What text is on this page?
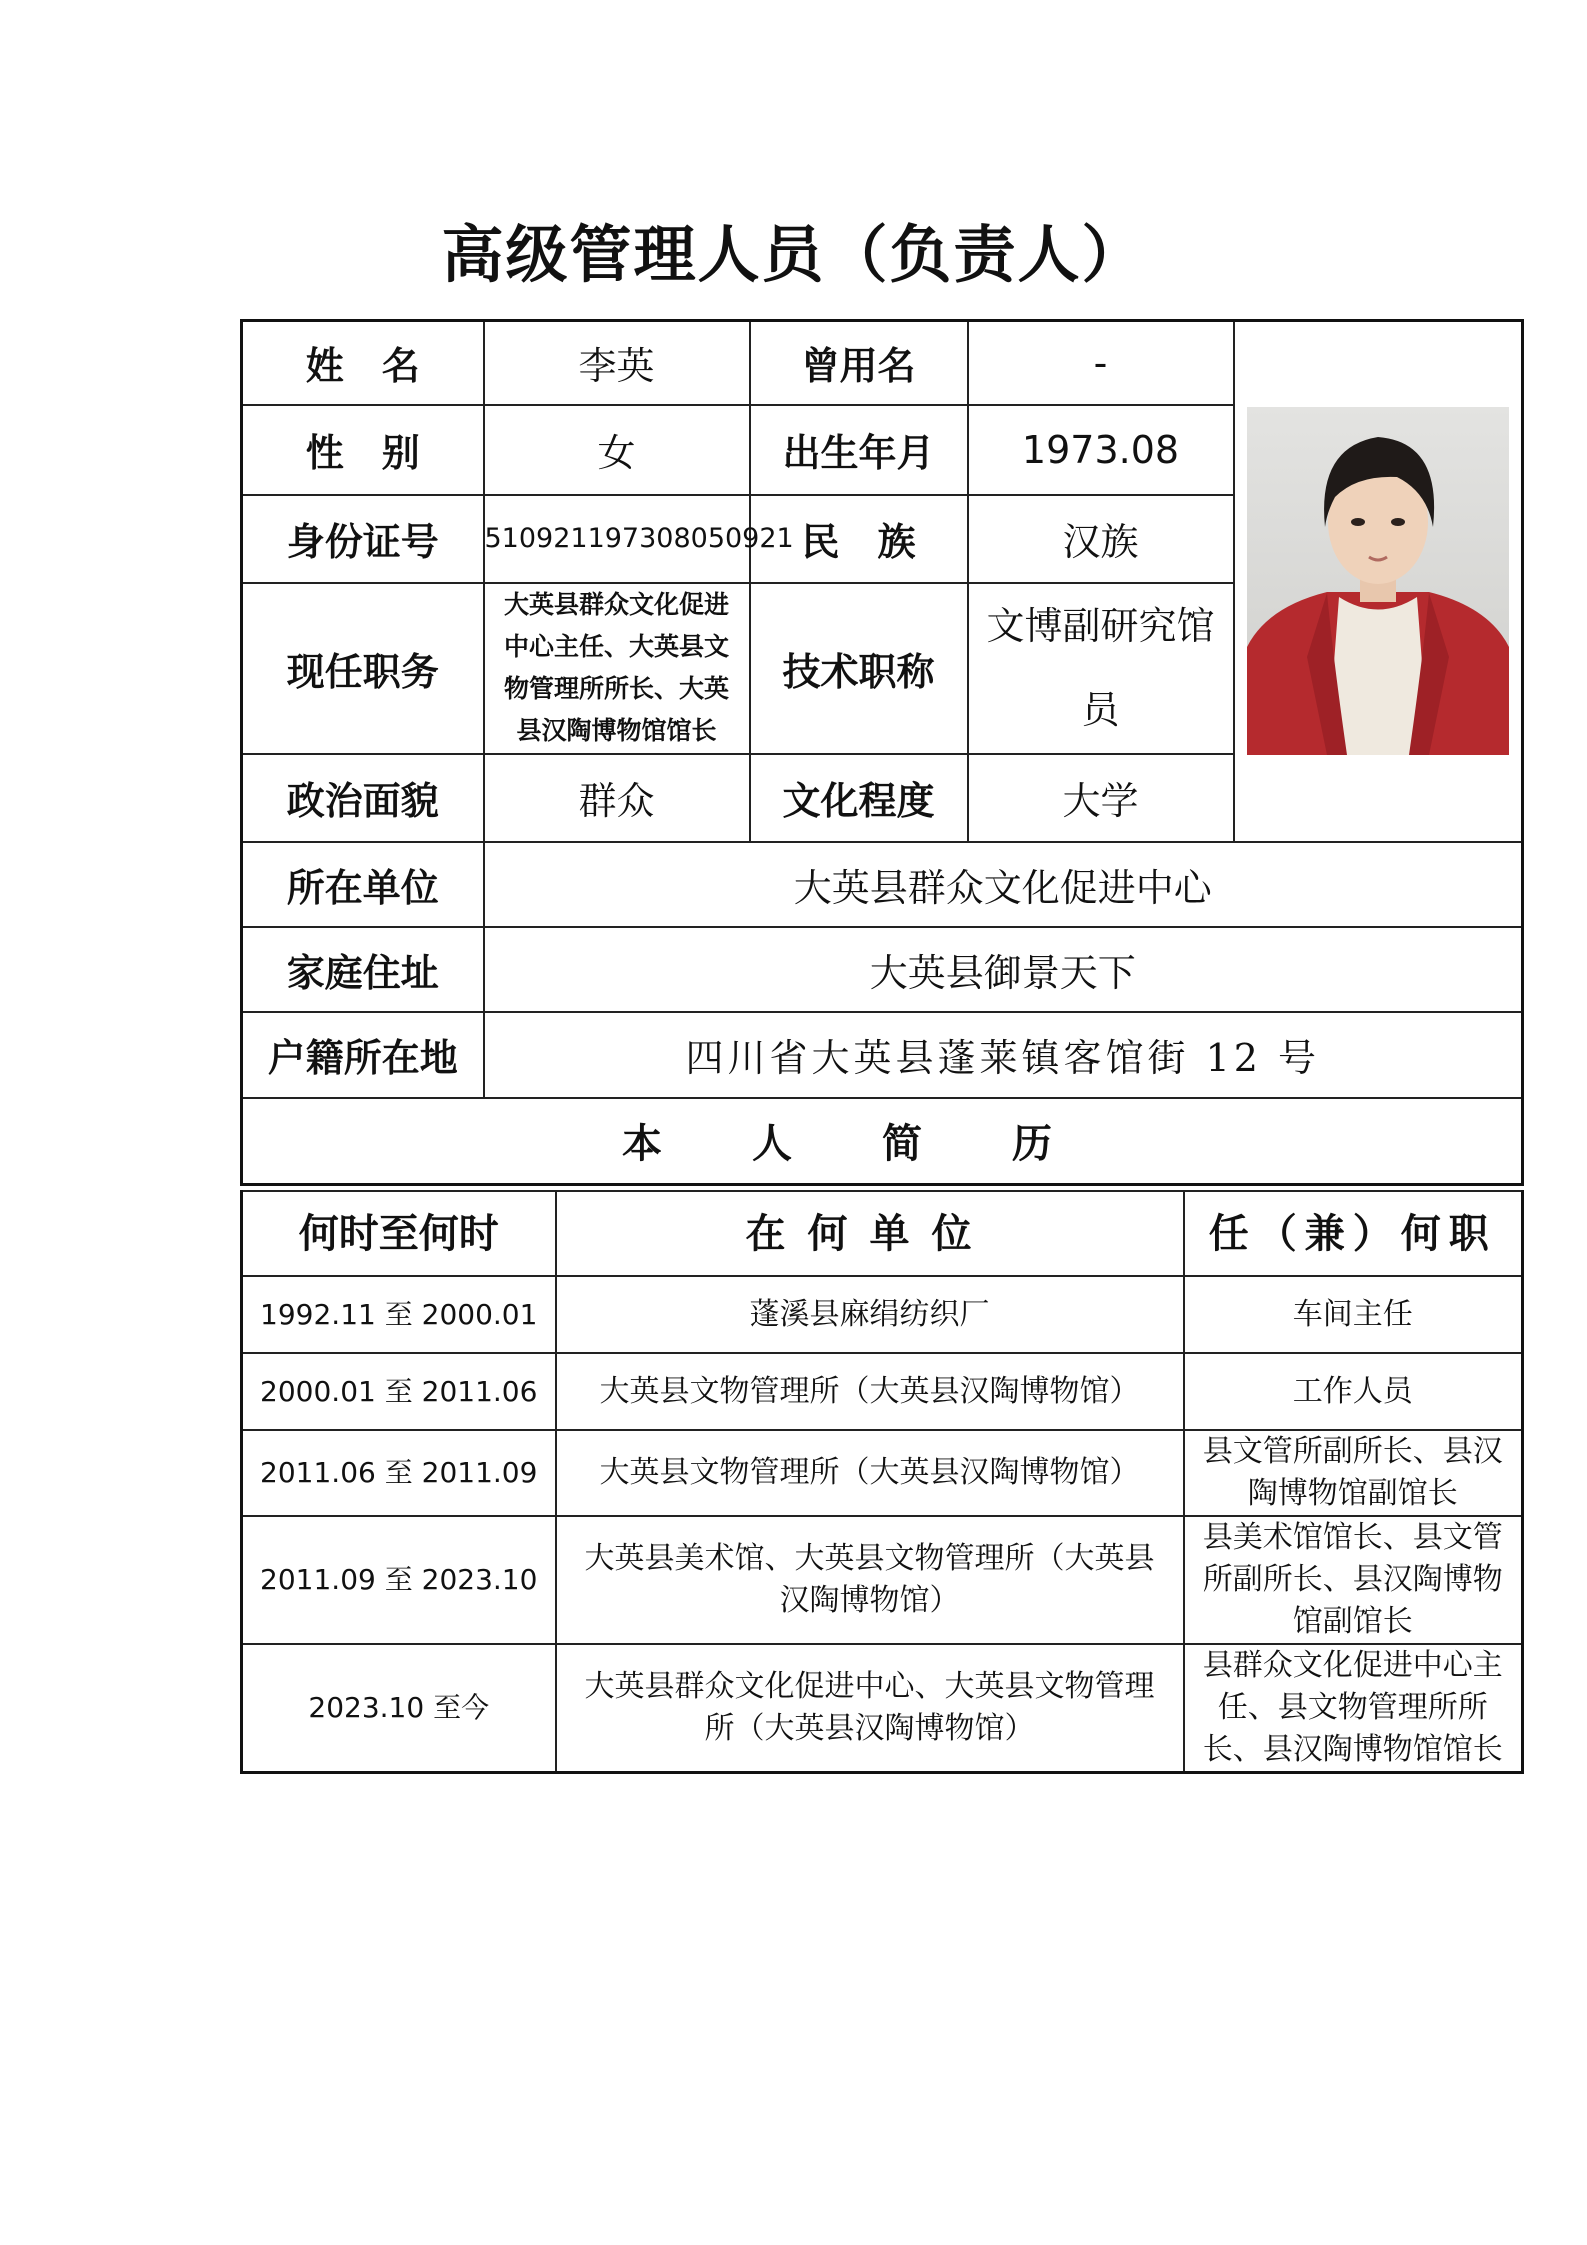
高级管理人员（负责人）
姓　名	李英	曾用名	-	

性　别	女	出生年月	1973.08	
身份证号	510921197308050921	民　族	汉族	
现任职务	大英县群众文化促进中心主任、大英县文物管理所所长、大英县汉陶博物馆馆长	技术职称	文博副研究馆员	
政治面貌	群众	文化程度	大学	
所在单位	大英县群众文化促进中心			
家庭住址	大英县御景天下			
户籍所在地	四川省大英县蓬莱镇客馆街 12 号			
本人简历				
何时至何时	在何单位	任（兼）何职
1992.11 至 2000.01	蓬溪县麻绢纺织厂	车间主任
2000.01 至 2011.06	大英县文物管理所（大英县汉陶博物馆）	工作人员
2011.06 至 2011.09	大英县文物管理所（大英县汉陶博物馆）	县文管所副所长、县汉陶博物馆副馆长
2011.09 至 2023.10	大英县美术馆、大英县文物管理所（大英县汉陶博物馆）	县美术馆馆长、县文管所副所长、县汉陶博物馆副馆长
2023.10 至今	大英县群众文化促进中心、大英县文物管理所（大英县汉陶博物馆）	县群众文化促进中心主任、县文物管理所所长、县汉陶博物馆馆长
